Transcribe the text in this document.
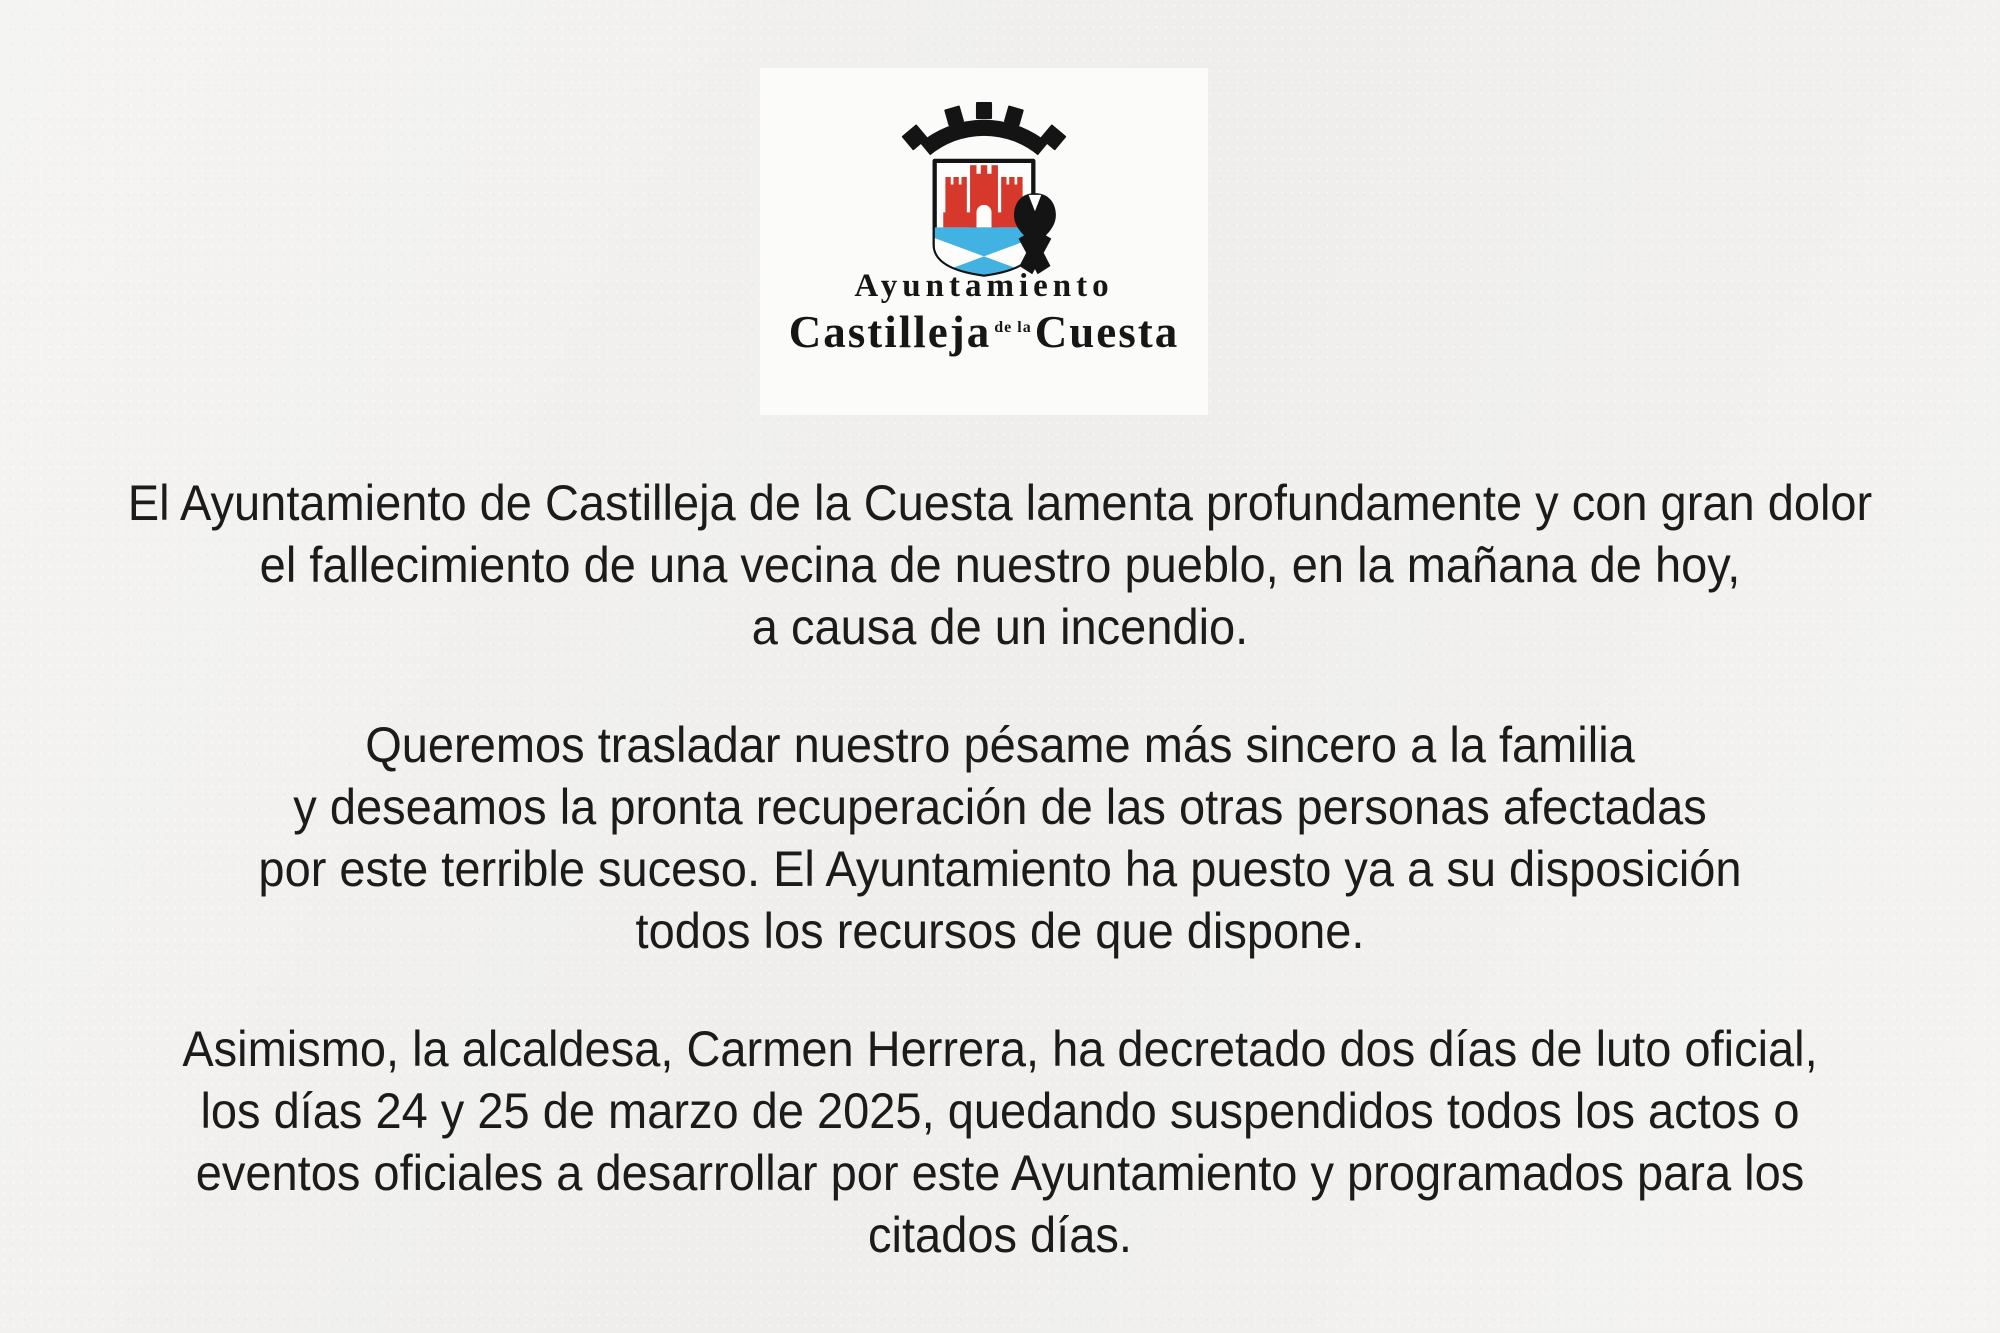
Ayuntamiento
Castilleja de laCuesta
El Ayuntamiento de Castilleja de la Cuesta lamenta profundamente y con gran dolor
el fallecimiento de una vecina de nuestro pueblo, en la mañana de hoy,
a causa de un incendio.
Queremos trasladar nuestro pésame más sincero a la familia
y deseamos la pronta recuperación de las otras personas afectadas
por este terrible suceso. El Ayuntamiento ha puesto ya a su disposición
todos los recursos de que dispone.
Asimismo, la alcaldesa, Carmen Herrera, ha decretado dos días de luto oficial,
los días 24 y 25 de marzo de 2025, quedando suspendidos todos los actos o
eventos oficiales a desarrollar por este Ayuntamiento y programados para los
citados días.
